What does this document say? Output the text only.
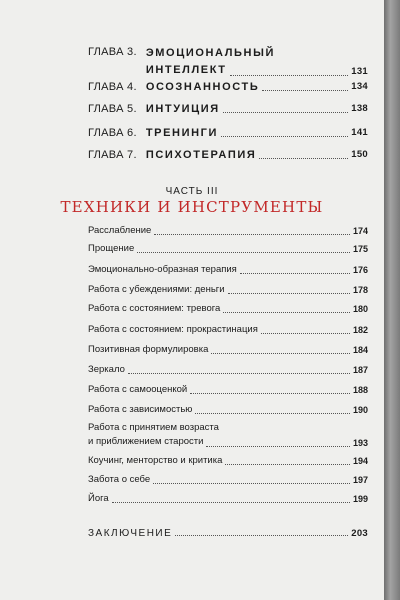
ГЛАВА 3. ЭМОЦИОНАЛЬНЫЙ
ИНТЕЛЛЕКТ	131
ГЛАВА 4. ОСОЗНАННОСТЬ	134
ГЛАВА 5. ИНТУИЦИЯ	138
ГЛАВА 6. ТРЕНИНГИ	141
ГЛАВА 7. ПСИХОТЕРАПИЯ	150
ЧАСТЬ III
ТЕХНИКИ И ИНСТРУМЕНТЫ
Расслабление	174
Прощение	175
Эмоционально-образная терапия	176
Работа с убеждениями: деньги	178
Работа с состоянием: тревога	180
Работа с состоянием: прокрастинация	182
Позитивная формулировка	184
Зеркало	187
Работа с самооценкой	188
Работа с зависимостью	190
Работа с принятием возраста
и приближением старости	193
Коучинг, менторство и критика	194
Забота о себе	197
Йога	199
ЗАКЛЮЧЕНИЕ	203
